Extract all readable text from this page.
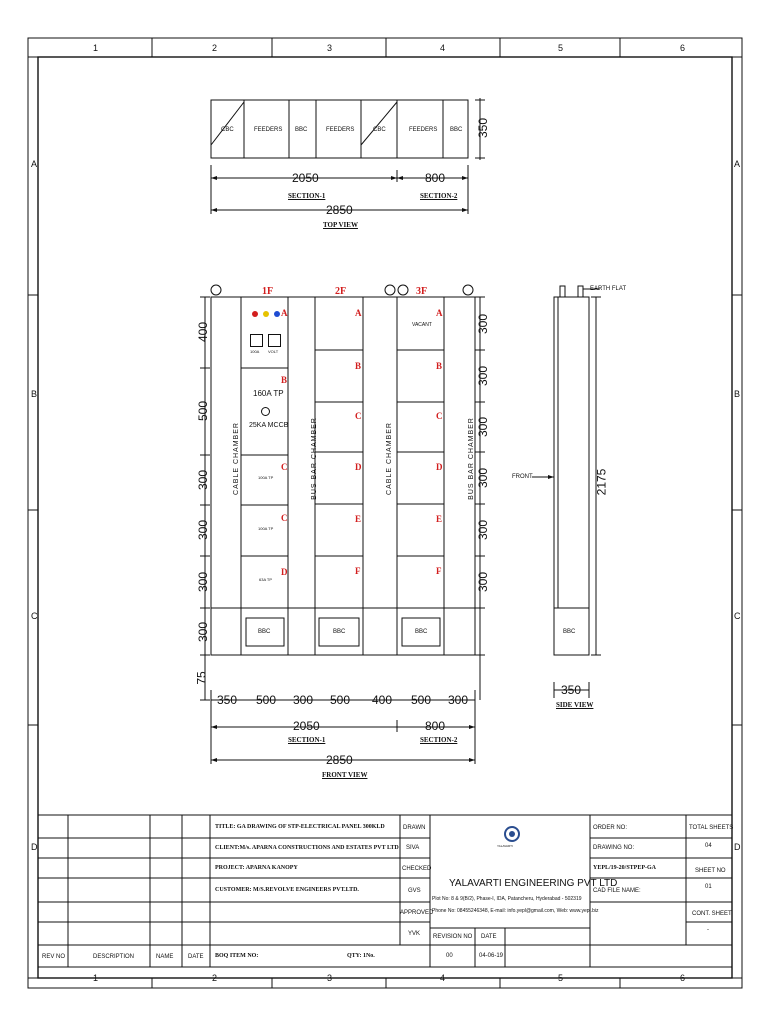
1	2	3	4	5	6
1	2	3	4	5	6
A
B
C
D
A
B
C
D
CBC	FEEDERS BBC	FEEDERS	CBC	FEEDERS BBC 350
2050	800
SECTION-1	SECTION-2
2850
TOP VIEW
1F	2F	3F
CABLE CHAMBER	BUS BAR CHAMBER	CABLE CHAMBER	BUS BAR CHAMBER
100A VOLT
160A TP
25KA MCCB
100A TP
100A TP
63A TP
A
B
C
C
D
A
B
C
D
E
F
VACANT
A
B
C
D
E
F
BBC	BBC	BBC
400
500
300
300
300
300
75
300
300
300
300
300
300
350 500 300 500 400 500 300
2050	800
SECTION-1	SECTION-2
2850
FRONT VIEW
EARTH FLAT
FRONT	2175
BBC
350
SIDE VIEW
TITLE: GA DRAWING OF STP-ELECTRICAL PANEL 300KLD
CLIENT:M/s. APARNA CONSTRUCTIONS AND ESTATES PVT LTD
PROJECT: APARNA KANOPY
CUSTOMER: M/S.REVOLVE ENGINEERS PVT.LTD.
BOQ ITEM NO:	QTY: 1No.
REV NO	DESCRIPTION	NAME DATE
DRAWN
SIVA
CHECKED
GVS
APPROVED
YVK
YALAVARTI
YALAVARTI ENGINEERING PVT LTD
Plot No: 8 & 9(B/2), Phase-I, IDA, Patancheru, Hyderabad - 502319
Phone No: 08455246348, E-mail: info.yepl@gmail.com, Web: www.yepl.biz
REVISION NO DATE
00	04-06-19
ORDER NO:
DRAWING NO:
YEPL/19-20/STPEP-GA
CAD FILE NAME:
TOTAL SHEETS
04
SHEET NO
01
CONT. SHEET
-
